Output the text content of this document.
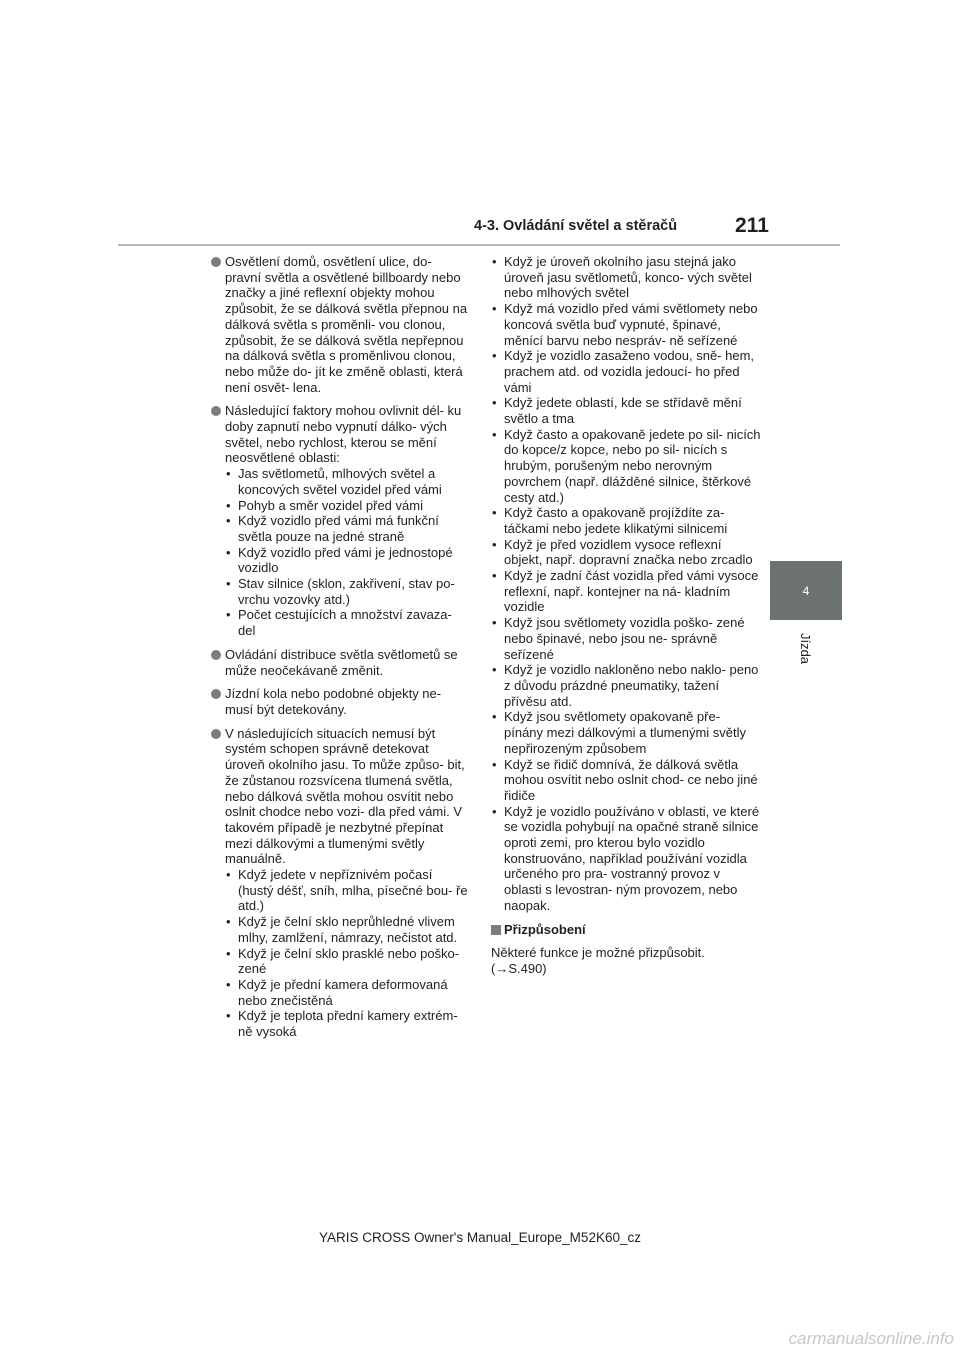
4-3. Ovládání světel a stěračů	211
4
Jízda
Osvětlení domů, osvětlení ulice, do- pravní světla a osvětlené billboardy nebo značky a jiné reflexní objekty mohou způsobit, že se dálková světla přepnou na dálková světla s proměnli- vou clonou, způsobit, že se dálková světla nepřepnou na dálková světla s proměnlivou clonou, nebo může do- jít ke změně oblasti, která není osvět- lena.
Následující faktory mohou ovlivnit dél- ku doby zapnutí nebo vypnutí dálko- vých světel, nebo rychlost, kterou se mění neosvětlené oblasti:
• Jas světlometů, mlhových světel a koncových světel vozidel před vámi
• Pohyb a směr vozidel před vámi
• Když vozidlo před vámi má funkční světla pouze na jedné straně
• Když vozidlo před vámi je jednostopé vozidlo
• Stav silnice (sklon, zakřivení, stav po- vrchu vozovky atd.)
• Počet cestujících a množství zavaza- del
Ovládání distribuce světla světlometů se může neočekávaně změnit.
Jízdní kola nebo podobné objekty ne- musí být detekovány.
V následujících situacích nemusí být systém schopen správně detekovat úroveň okolního jasu. To může způso- bit, že zůstanou rozsvícena tlumená světla, nebo dálková světla mohou osvítit nebo oslnit chodce nebo vozi- dla před vámi. V takovém případě je nezbytné přepínat mezi dálkovými a tlumenými světly manuálně.
• Když jedete v nepříznivém počasí (hustý déšť, sníh, mlha, písečné bou- ře atd.)
• Když je čelní sklo neprůhledné vlivem mlhy, zamlžení, námrazy, nečistot atd.
• Když je čelní sklo prasklé nebo poško- zené
• Když je přední kamera deformovaná nebo znečistěná
• Když je teplota přední kamery extrém- ně vysoká
• Když je úroveň okolního jasu stejná jako úroveň jasu světlometů, konco- vých světel nebo mlhových světel
• Když má vozidlo před vámi světlomety nebo koncová světla buď vypnuté, špinavé, měnící barvu nebo nespráv- ně seřízené
• Když je vozidlo zasaženo vodou, sně- hem, prachem atd. od vozidla jedoucí- ho před vámi
• Když jedete oblastí, kde se střídavě mění světlo a tma
• Když často a opakovaně jedete po sil- nicích do kopce/z kopce, nebo po sil- nicích s hrubým, porušeným nebo nerovným povrchem (např. dlážděné silnice, štěrkové cesty atd.)
• Když často a opakovaně projíždíte za- táčkami nebo jedete klikatými silnicemi
• Když je před vozidlem vysoce reflexní objekt, např. dopravní značka nebo zrcadlo
• Když je zadní část vozidla před vámi vysoce reflexní, např. kontejner na ná- kladním vozidle
• Když jsou světlomety vozidla poško- zené nebo špinavé, nebo jsou ne- správně seřízené
• Když je vozidlo nakloněno nebo naklo- peno z důvodu prázdné pneumatiky, tažení přívěsu atd.
• Když jsou světlomety opakovaně pře- pínány mezi dálkovými a tlumenými světly nepřirozeným způsobem
• Když se řidič domnívá, že dálková světla mohou osvítit nebo oslnit chod- ce nebo jiné řidiče
• Když je vozidlo používáno v oblasti, ve které se vozidla pohybují na opačné straně silnice oproti zemi, pro kterou bylo vozidlo konstruováno, například používání vozidla určeného pro pra- vostranný provoz v oblasti s levostran- ným provozem, nebo naopak.
Přizpůsobení
Některé funkce je možné přizpůsobit. (→S.490)
YARIS CROSS Owner's Manual_Europe_M52K60_cz
carmanualsonline.info
